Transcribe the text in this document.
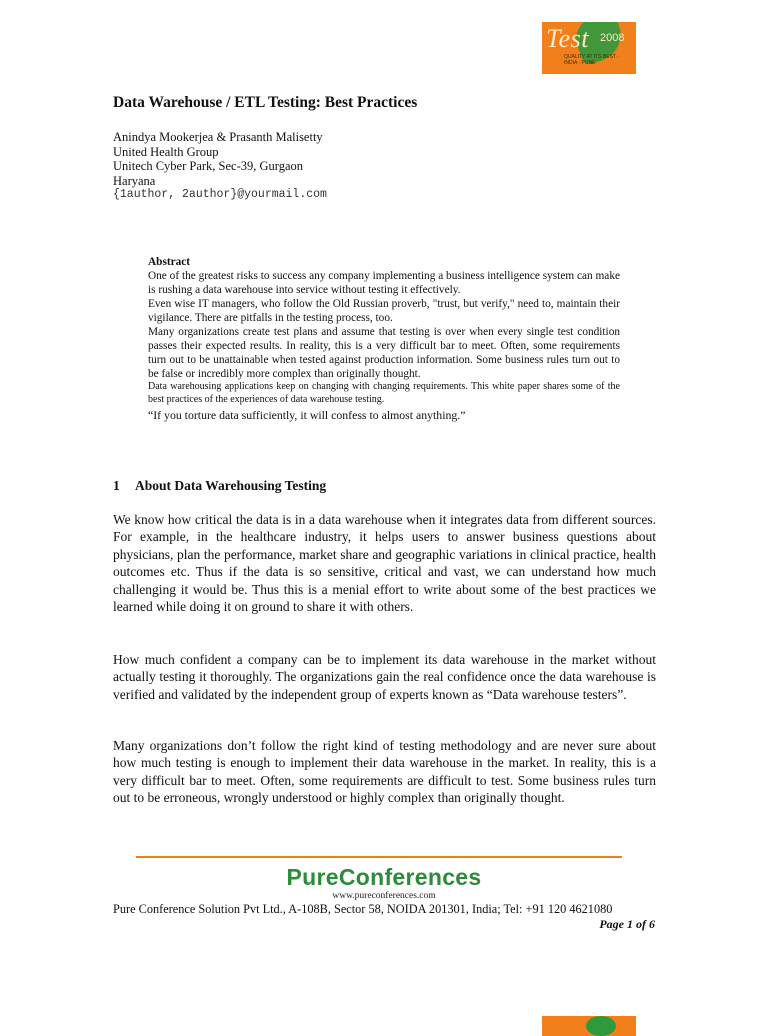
Test 2008
QUALITY AT ITS BEST · INDIA · PUNE
Data Warehouse / ETL Testing: Best Practices
Anindya Mookerjea & Prasanth Malisetty
United Health Group
Unitech Cyber Park, Sec-39, Gurgaon
Haryana
{1author, 2author}@yourmail.com

Abstract

One of the greatest risks to success any company implementing a business intelligence system can make is rushing a data warehouse into service without testing it effectively.

Even wise IT managers, who follow the Old Russian proverb, "trust, but verify," need to, maintain their vigilance. There are pitfalls in the testing process, too.

Many organizations create test plans and assume that testing is over when every single test condition passes their expected results. In reality, this is a very difficult bar to meet. Often, some requirements turn out to be unattainable when tested against production information. Some business rules turn out to be false or incredibly more complex than originally thought.

Data warehousing applications keep on changing with changing requirements. This white paper shares some of the best practices of the experiences of data warehouse testing.

“If you torture data sufficiently, it will confess to almost anything.”

1 About Data Warehousing Testing

We know how critical the data is in a data warehouse when it integrates data from different sources. For example, in the healthcare industry, it helps users to answer business questions about physicians, plan the performance, market share and geographic variations in clinical practice, health outcomes etc. Thus if the data is so sensitive, critical and vast, we can understand how much challenging it would be. Thus this is a menial effort to write about some of the best practices we learned while doing it on ground to share it with others.

How much confident a company can be to implement its data warehouse in the market without actually testing it thoroughly. The organizations gain the real confidence once the data warehouse is verified and validated by the independent group of experts known as “Data warehouse testers”.

Many organizations don’t follow the right kind of testing methodology and are never sure about how much testing is enough to implement their data warehouse in the market. In reality, this is a very difficult bar to meet. Often, some requirements are difficult to test. Some business rules turn out to be erroneous, wrongly understood or highly complex than originally thought.

PureConferences
www.pureconferences.com
Pure Conference Solution Pvt Ltd., A-108B, Sector 58, NOIDA 201301, India; Tel: +91 120 4621080
Page 1 of 6
